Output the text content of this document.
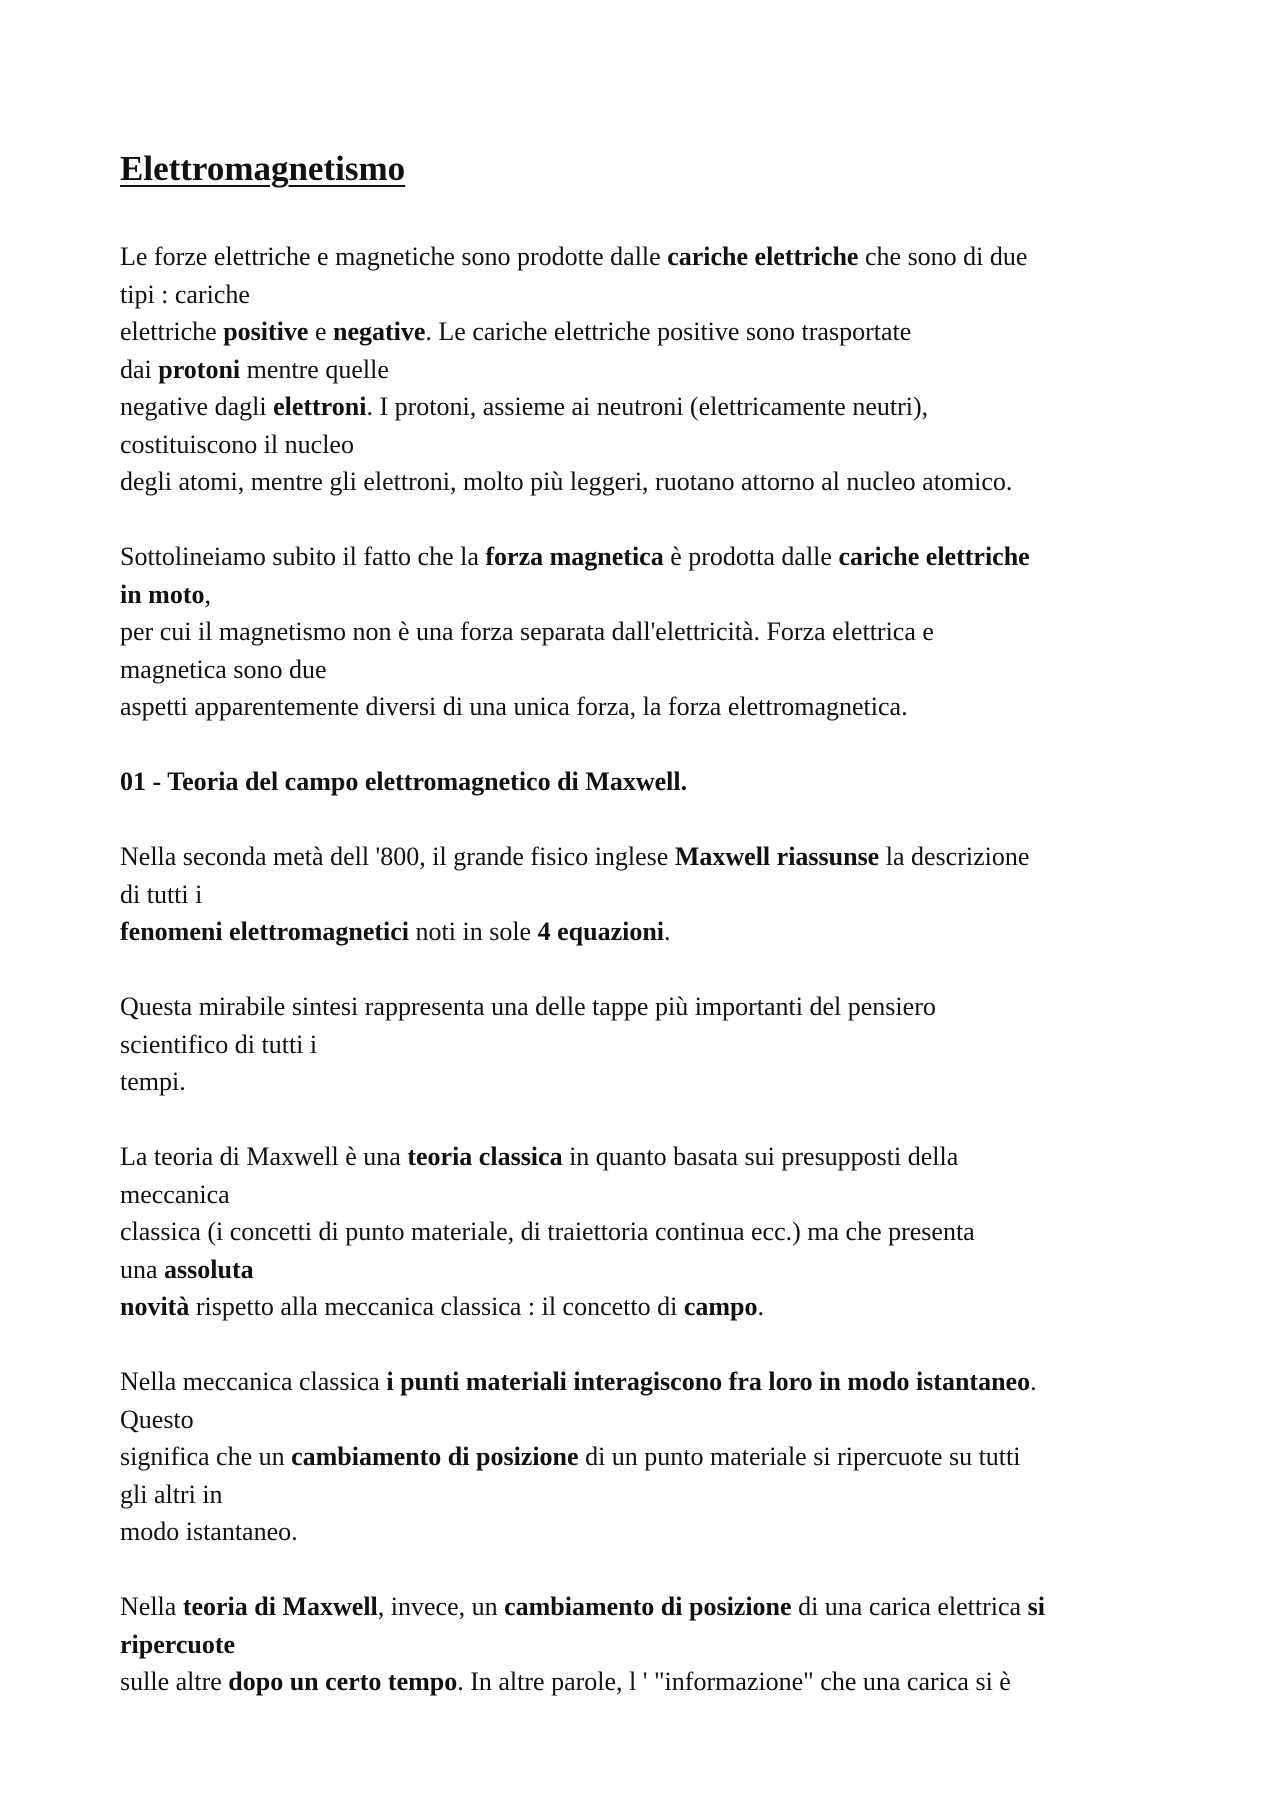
Elettromagnetismo
Le forze elettriche e magnetiche sono prodotte dalle cariche elettriche che sono di due
tipi : cariche
elettriche positive e negative. Le cariche elettriche positive sono trasportate
dai protoni mentre quelle
negative dagli elettroni. I protoni, assieme ai neutroni (elettricamente neutri),
costituiscono il nucleo
degli atomi, mentre gli elettroni, molto più leggeri, ruotano attorno al nucleo atomico.
Sottolineiamo subito il fatto che la forza magnetica è prodotta dalle cariche elettriche
in moto,
per cui il magnetismo non è una forza separata dall'elettricità. Forza elettrica e
magnetica sono due
aspetti apparentemente diversi di una unica forza, la forza elettromagnetica.
01 - Teoria del campo elettromagnetico di Maxwell.
Nella seconda metà dell '800, il grande fisico inglese Maxwell riassunse la descrizione
di tutti i
fenomeni elettromagnetici noti in sole 4 equazioni.
Questa mirabile sintesi rappresenta una delle tappe più importanti del pensiero
scientifico di tutti i
tempi.
La teoria di Maxwell è una teoria classica in quanto basata sui presupposti della
meccanica
classica (i concetti di punto materiale, di traiettoria continua ecc.) ma che presenta
una assoluta
novità rispetto alla meccanica classica : il concetto di campo.
Nella meccanica classica i punti materiali interagiscono fra loro in modo istantaneo.
Questo
significa che un cambiamento di posizione di un punto materiale si ripercuote su tutti
gli altri in
modo istantaneo.
Nella teoria di Maxwell, invece, un cambiamento di posizione di una carica elettrica si
ripercuote
sulle altre dopo un certo tempo. In altre parole, l ' "informazione" che una carica si è
